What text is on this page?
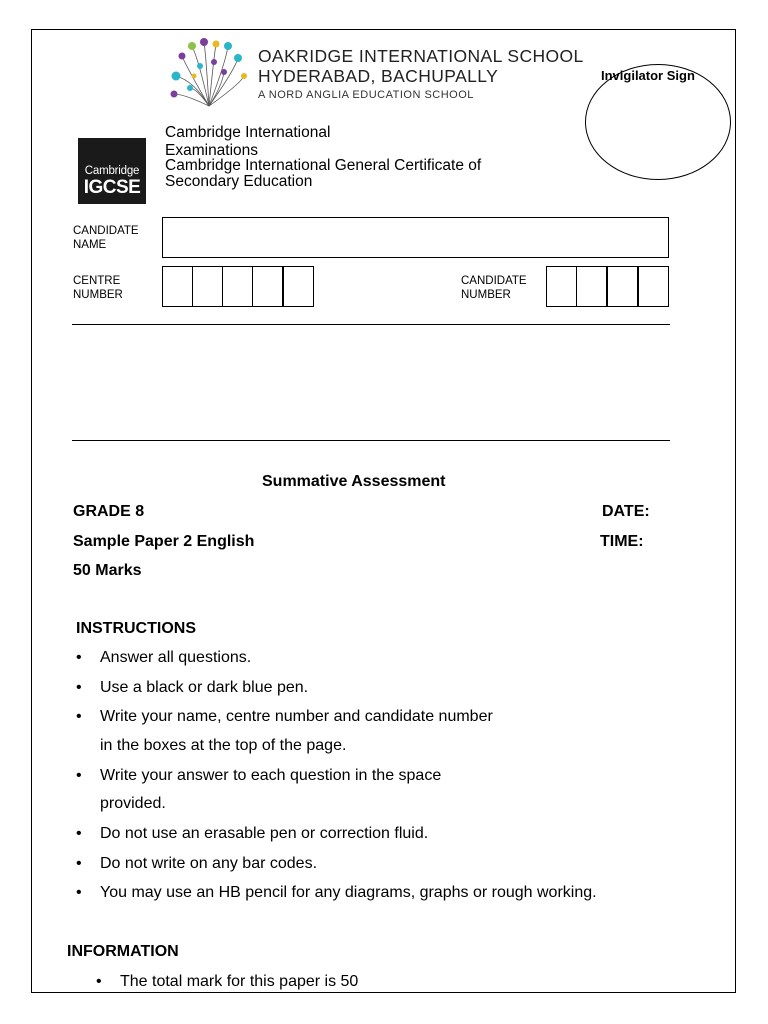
OAKRIDGE INTERNATIONAL SCHOOL
HYDERABAD, BACHUPALLY
A NORD ANGLIA EDUCATION SCHOOL
Invigilator Sign
Cambridge
IGCSE
Cambridge International
Examinations
Cambridge International General Certificate of
Secondary Education
CANDIDATE
NAME
CENTRE
NUMBER
CANDIDATE
NUMBER
Summative Assessment
GRADE 8	DATE:
Sample Paper 2 English	TIME:
50 Marks
INSTRUCTIONS
• Answer all questions.
• Use a black or dark blue pen.
• Write your name, centre number and candidate number
in the boxes at the top of the page.
• Write your answer to each question in the space
provided.
• Do not use an erasable pen or correction fluid.
• Do not write on any bar codes.
• You may use an HB pencil for any diagrams, graphs or rough working.
INFORMATION
• The total mark for this paper is 50
